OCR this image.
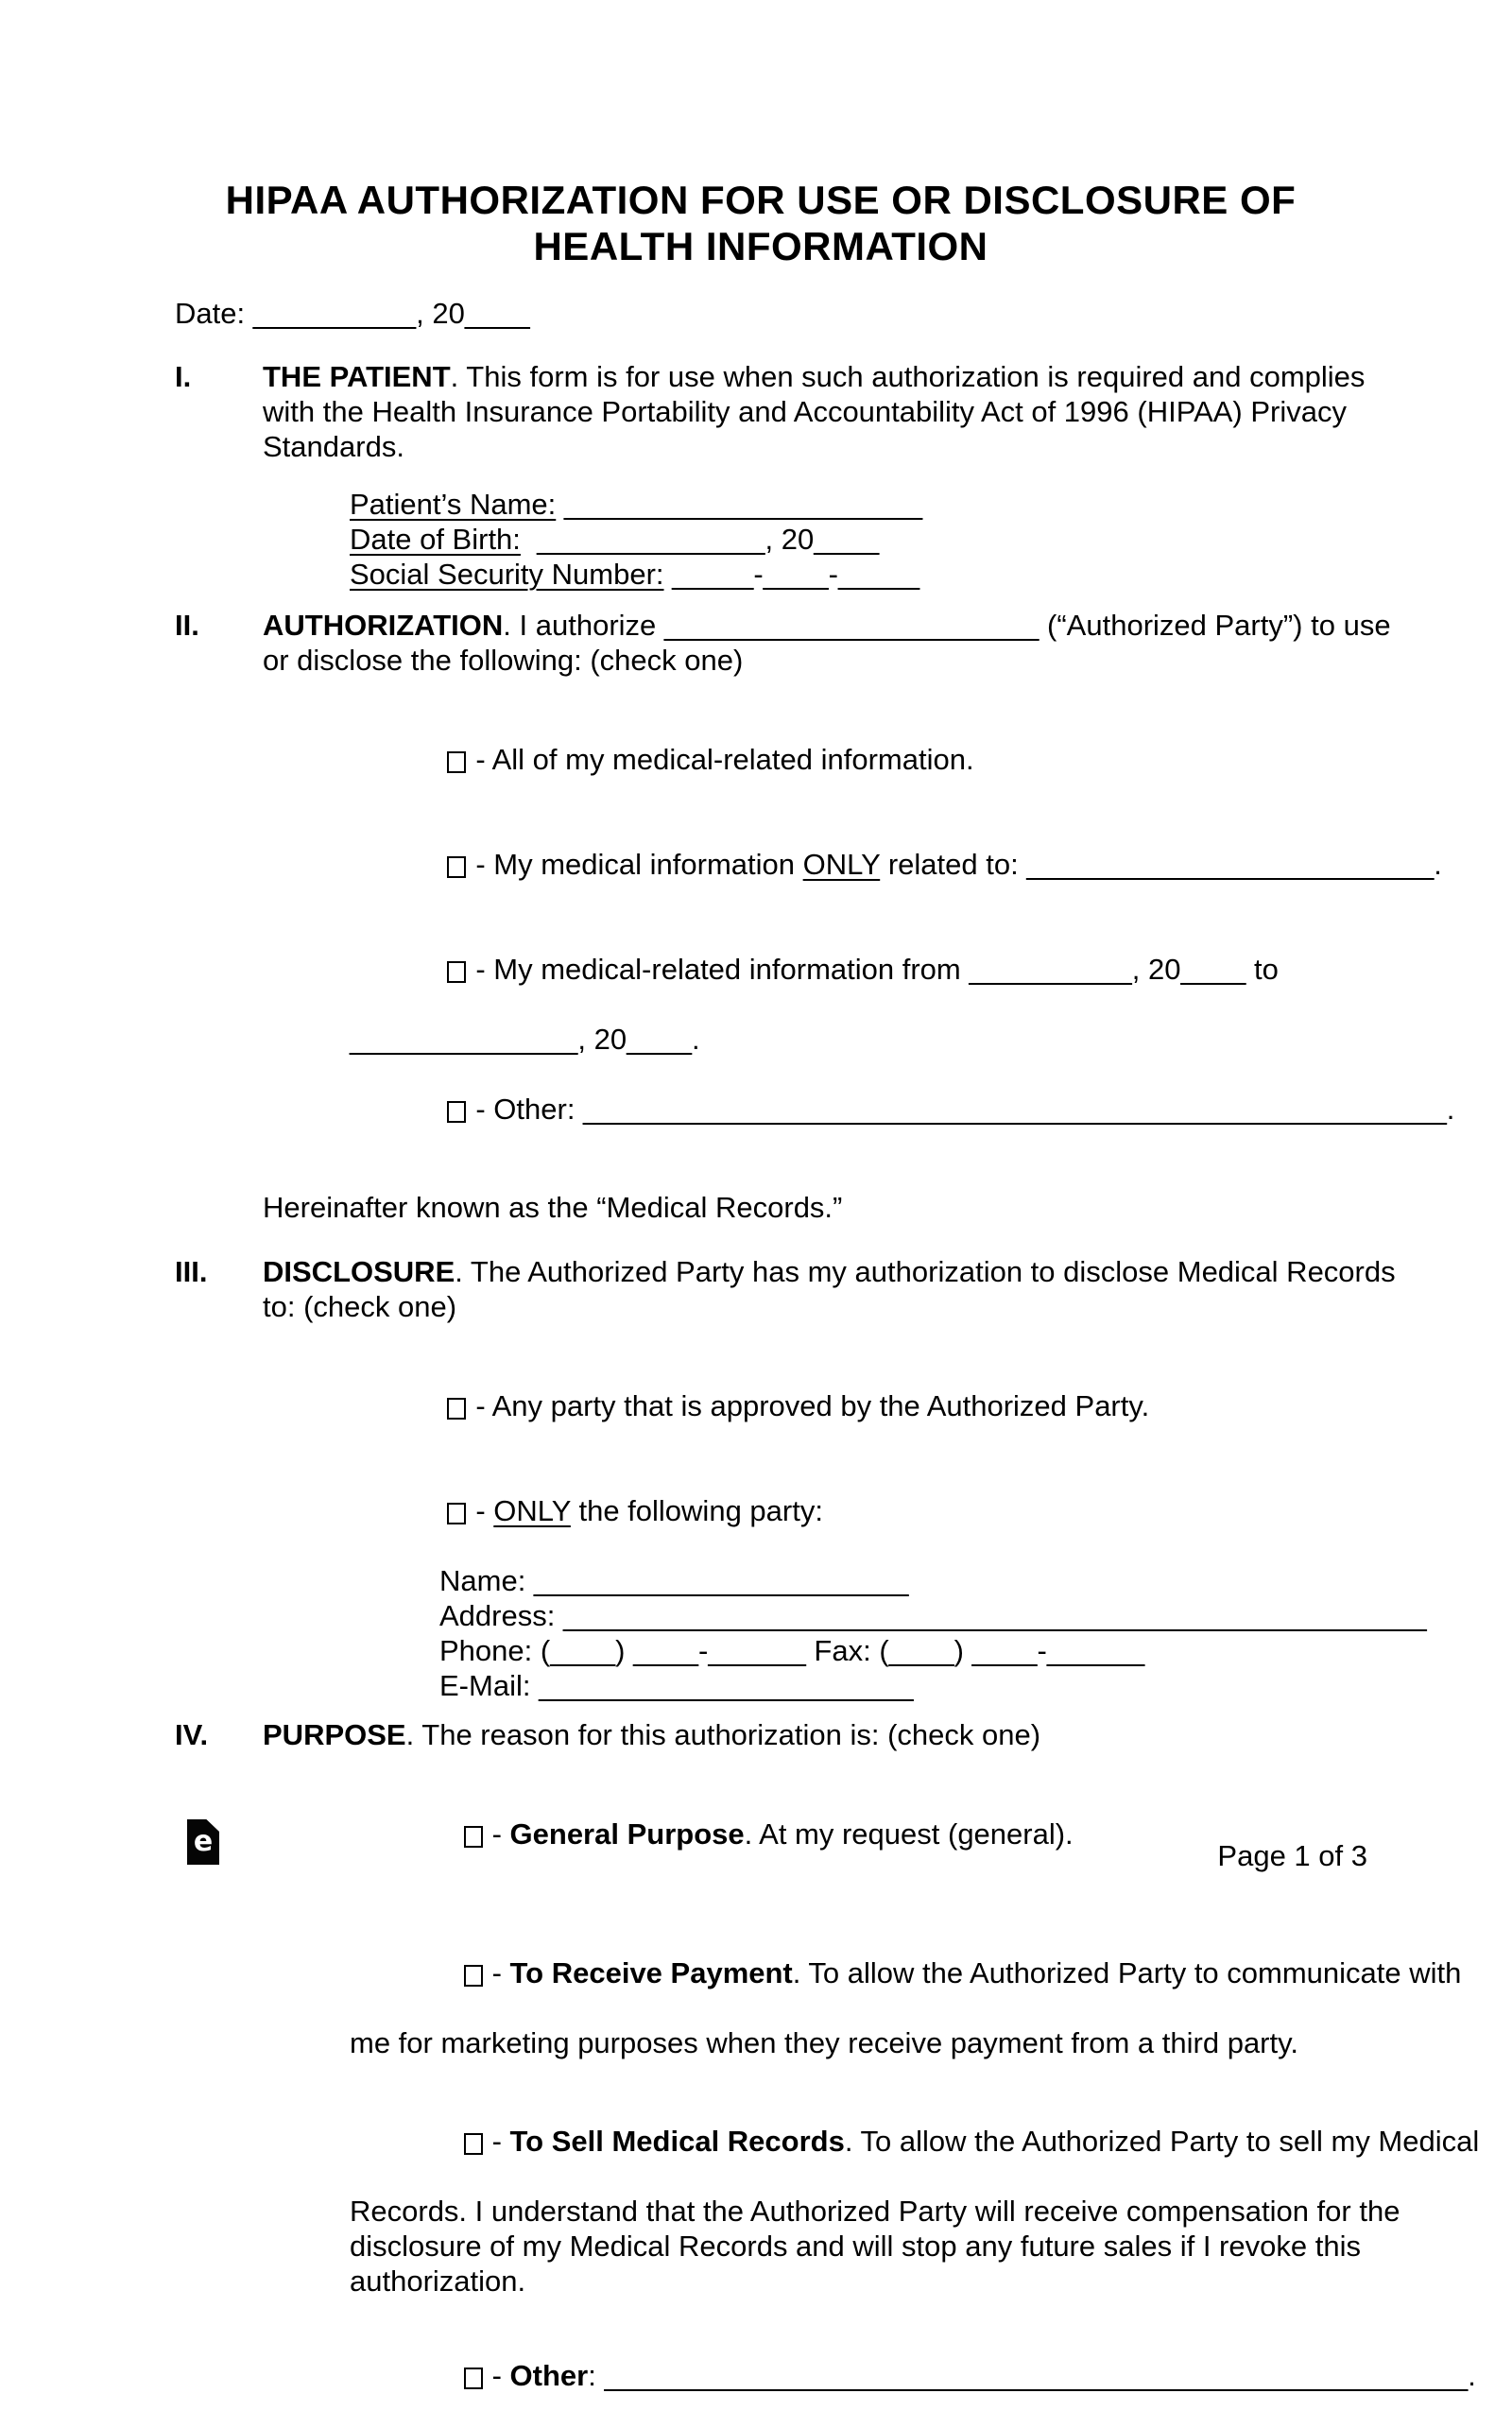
HIPAA AUTHORIZATION FOR USE OR DISCLOSURE OF
HEALTH INFORMATION
Date: __________, 20____
I.	THE PATIENT. This form is for use when such authorization is required and complies
with the Health Insurance Portability and Accountability Act of 1996 (HIPAA) Privacy
Standards.
Patient’s Name: ______________________
Date of Birth:  ______________, 20____
Social Security Number: _____-____-_____
II.	AUTHORIZATION. I authorize _______________________ (“Authorized Party”) to use
or disclose the following: (check one)

- All of my medical-related information.

- My medical information ONLY related to: _________________________.

- My medical-related information from __________, 20____ to

______________, 20____.

- Other: _____________________________________________________.

Hereinafter known as the “Medical Records.”
III.	DISCLOSURE. The Authorized Party has my authorization to disclose Medical Records
to: (check one)

- Any party that is approved by the Authorized Party.

- ONLY the following party:

Name: _______________________
Address: _____________________________________________________
Phone: (____) ____-______ Fax: (____) ____-______
E-Mail: _______________________
IV.	PURPOSE. The reason for this authorization is: (check one)

- General Purpose. At my request (general).

- To Receive Payment. To allow the Authorized Party to communicate with

me for marketing purposes when they receive payment from a third party.

- To Sell Medical Records. To allow the Authorized Party to sell my Medical

Records. I understand that the Authorized Party will receive compensation for the
disclosure of my Medical Records and will stop any future sales if I revoke this
authorization.

- Other: _____________________________________________________.

e	Page 1 of 3
